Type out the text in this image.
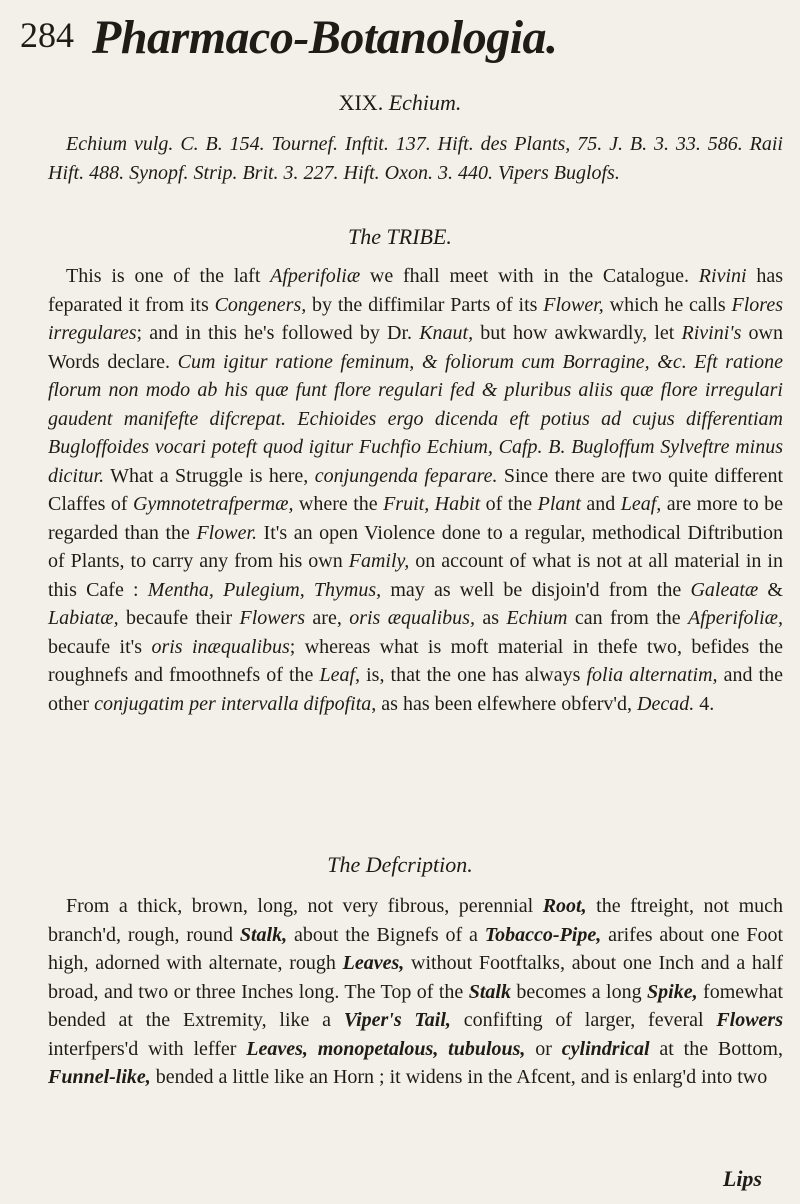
284 Pharmaco-Botanologia.
XIX. Echium.

Echium vulg. C. B. 154. Tournef. Inftit. 137. Hift. des Plants, 75. J. B. 3. 33. 586. Raii Hift. 488. Synopf. Strip. Brit. 3. 227. Hift. Oxon. 3. 440. Vipers Buglofs.

The TRIBE.

This is one of the laft Afperifoliæ we fhall meet with in the Catalogue. Rivini has feparated it from its Congeners, by the diffimilar Parts of its Flower, which he calls Flores irregulares; and in this he's followed by Dr. Knaut, but how awkwardly, let Rivini's own Words declare. Cum igitur ratione feminum, & foliorum cum Borragine, &c. Eft ratione florum non modo ab his quæ funt flore regulari fed & pluribus aliis quæ flore irregulari gaudent manifefte difcrepat. Echioides ergo dicenda eft potius ad cujus differentiam Bugloffoides vocari poteft quod igitur Fuchfio Echium, Cafp. B. Bugloffum Sylveftre minus dicitur. What a Struggle is here, conjungenda feparare. Since there are two quite different Claffes of Gymnotetrafpermæ, where the Fruit, Habit of the Plant and Leaf, are more to be regarded than the Flower. It's an open Violence done to a regular, methodical Diftribution of Plants, to carry any from his own Family, on account of what is not at all material in in this Cafe : Mentha, Pulegium, Thymus, may as well be disjoin'd from the Galeatæ & Labiatæ, becaufe their Flowers are, oris æqualibus, as Echium can from the Afperifoliæ, becaufe it's oris inæqualibus; whereas what is moft material in thefe two, befides the roughnefs and fmoothnefs of the Leaf, is, that the one has always folia alternatim, and the other conjugatim per intervalla difpofita, as has been elfewhere obferv'd, Decad. 4.

The Defcription.

From a thick, brown, long, not very fibrous, perennial Root, the ftreight, not much branch'd, rough, round Stalk, about the Bignefs of a Tobacco-Pipe, arifes about one Foot high, adorned with alternate, rough Leaves, without Footftalks, about one Inch and a half broad, and two or three Inches long. The Top of the Stalk becomes a long Spike, fomewhat bended at the Extremity, like a Viper's Tail, confifting of larger, feveral Flowers interfpers'd with leffer Leaves, monopetalous, tubulous, or cylindrical at the Bottom, Funnel-like, bended a little like an Horn ; it widens in the Afcent, and is enlarg'd into two

Lips
